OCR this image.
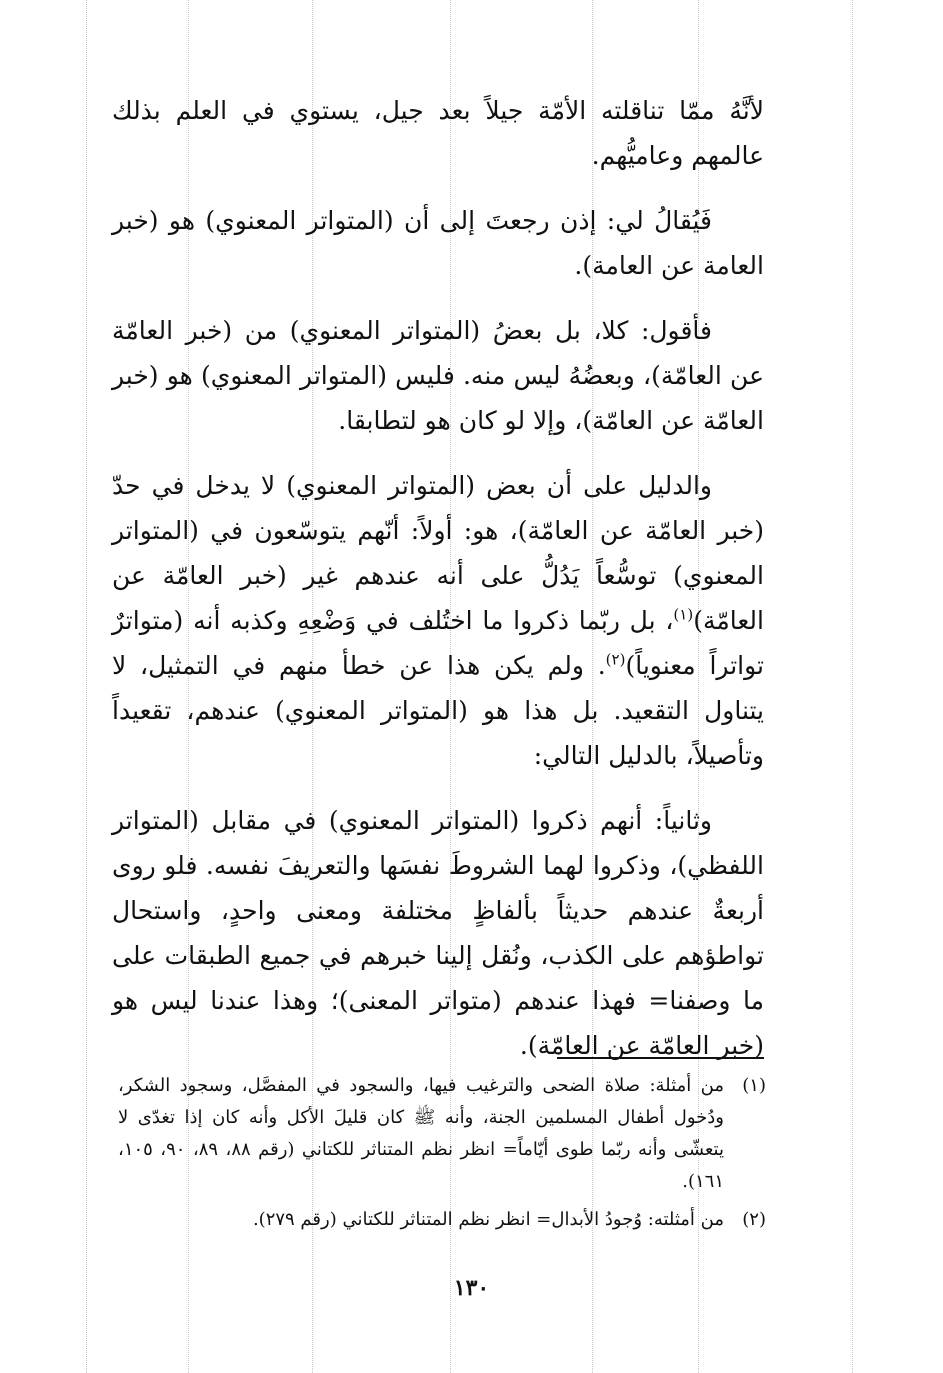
لأنَّهُ ممّا تناقلته الأمّة جيلاً بعد جيل، يستوي في العلم بذلك عالمهم وعاميُّهم.

فَيُقالُ لي: إذن رجعتَ إلى أن (المتواتر المعنوي) هو (خبر العامة عن العامة).

فأقول: كلا، بل بعضُ (المتواتر المعنوي) من (خبر العامّة عن العامّة)، وبعضُهُ ليس منه. فليس (المتواتر المعنوي) هو (خبر العامّة عن العامّة)، وإلا لو كان هو لتطابقا.

والدليل على أن بعض (المتواتر المعنوي) لا يدخل في حدّ (خبر العامّة عن العامّة)، هو: أولاً: أنّهم يتوسّعون في (المتواتر المعنوي) توسُّعاً يَدُلُّ على أنه عندهم غير (خبر العامّة عن العامّة)$^{(١)}$، بل ربّما ذكروا ما اختُلف في وَضْعِهِ وكذبه أنه (متواترٌ تواتراً معنوياً)$^{(٢)}$. ولم يكن هذا عن خطأ منهم في التمثيل، لا يتناول التقعيد. بل هذا هو (المتواتر المعنوي) عندهم، تقعيداً وتأصيلاً، بالدليل التالي:

وثانياً: أنهم ذكروا (المتواتر المعنوي) في مقابل (المتواتر اللفظي)، وذكروا لهما الشروطَ نفسَها والتعريفَ نفسه. فلو روى أربعةٌ عندهم حديثاً بألفاظٍ مختلفة ومعنى واحدٍ، واستحال تواطؤهم على الكذب، ونُقل إلينا خبرهم في جميع الطبقات على ما وصفنا= فهذا عندهم (متواتر المعنى)؛ وهذا عندنا ليس هو (خبر العامّة عن العامّة).

(١)
من أمثلة: صلاة الضحى والترغيب فيها، والسجود في المفصَّل، وسجود الشكر، ودُخول أطفال المسلمين الجنة، وأنه ﷺ كان قليلَ الأكل وأنه كان إذا تغدّى لا يتعشّى وأنه ربّما طوى أيّاماً= انظر نظم المتناثر للكتاني (رقم ٨٨، ٨٩، ٩٠، ١٠٥، ١٦١).
(٢)
من أمثلته: وُجودُ الأبدال= انظر نظم المتناثر للكتاني (رقم ٢٧٩).
١٣٠
